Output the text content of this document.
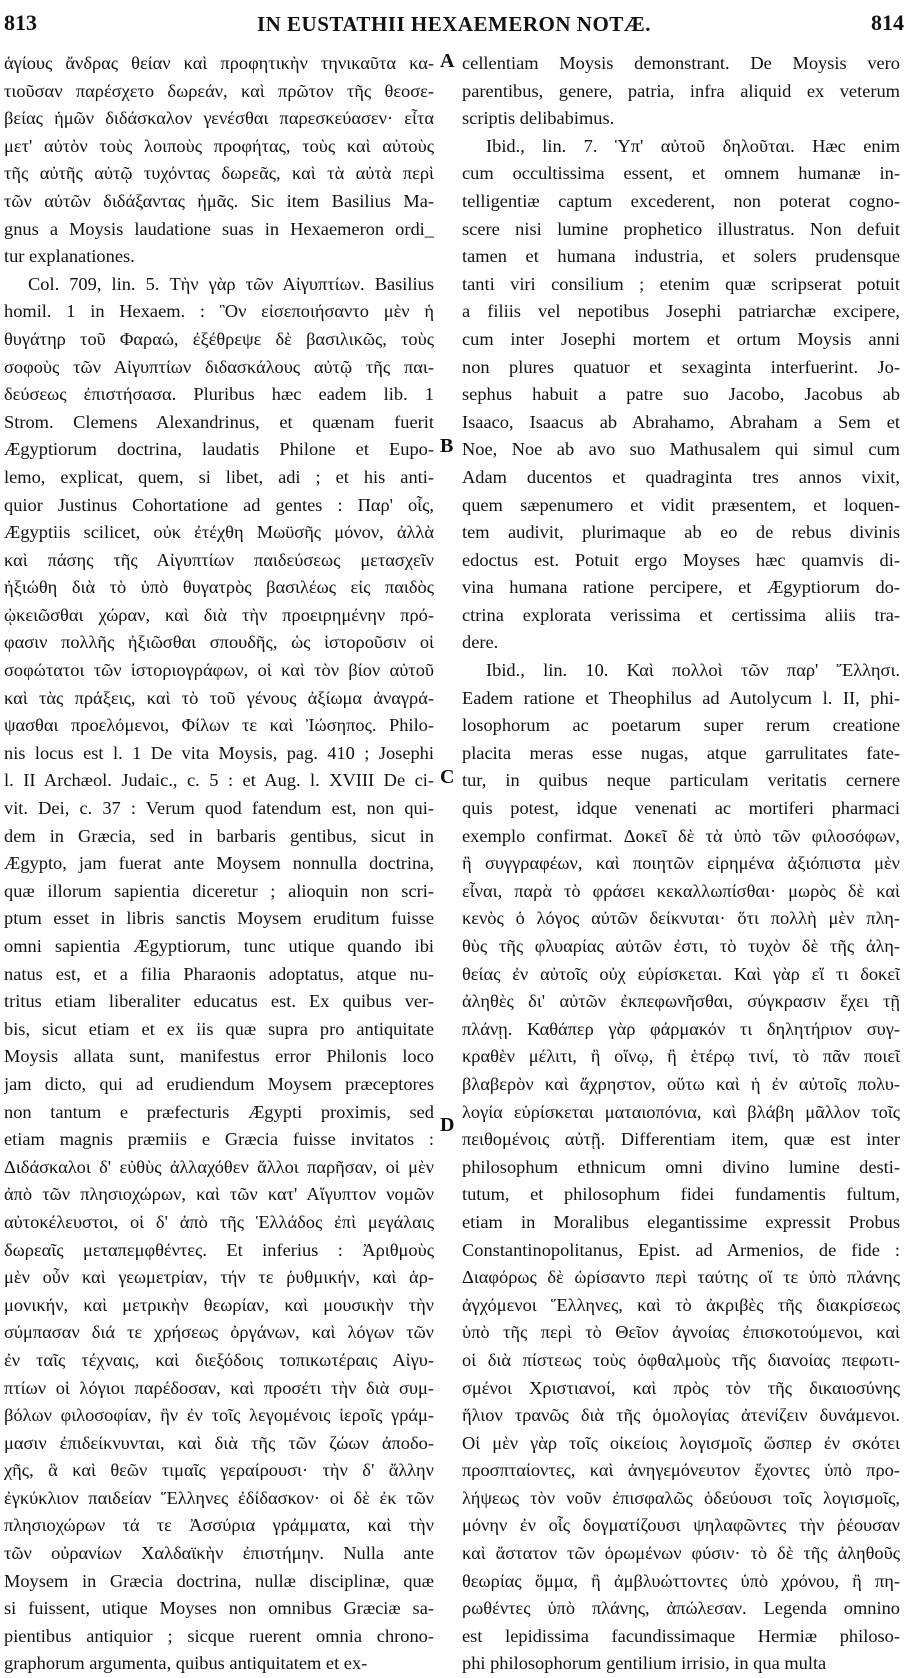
813	IN EUSTATHII HEXAEMERON NOTÆ.	814
ἁγίους ἄνδρας θείαν καὶ προφητικὴν τηνικαῦτα κα-
τιοῦσαν παρέσχετο δωρεάν, καὶ πρῶτον τῆς θεοσε-
βείας ἡμῶν διδάσκαλον γενέσθαι παρεσκεύασεν· εἶτα
μετ' αὐτὸν τοὺς λοιποὺς προφήτας, τοὺς καὶ αὐτοὺς
τῆς αὐτῆς αὐτῷ τυχόντας δωρεᾶς, καὶ τὰ αὐτὰ περὶ
τῶν αὐτῶν διδάξαντας ἡμᾶς. Sic item Basilius Ma-
gnus a Moysis laudatione suas in Hexaemeron ordi_
tur explanationes.
Col. 709, lin. 5. Τὴν γὰρ τῶν Αἰγυπτίων. Basilius
homil. 1 in Hexaem. : Ὃν εἰσεποιήσαντο μὲν ἡ
θυγάτηρ τοῦ Φαραώ, ἐξέθρεψε δὲ βασιλικῶς, τοὺς
σοφοὺς τῶν Αἰγυπτίων διδασκάλους αὐτῷ τῆς παι-
δεύσεως ἐπιστήσασα. Pluribus hæc eadem lib. 1
Strom. Clemens Alexandrinus, et quænam fuerit
Ægyptiorum doctrina, laudatis Philone et Eupo-
lemo, explicat, quem, si libet, adi ; et his anti-
quior Justinus Cohortatione ad gentes : Παρ' οἷς,
Ægyptiis scilicet, οὐκ ἐτέχθη Μωϋσῆς μόνον, ἀλλὰ
καὶ πάσης τῆς Αἰγυπτίων παιδεύσεως μετασχεῖν
ἠξιώθη διὰ τὸ ὑπὸ θυγατρὸς βασιλέως εἰς παιδὸς
ᾠκειῶσθαι χώραν, καὶ διὰ τὴν προειρημένην πρό-
φασιν πολλῆς ἠξιῶσθαι σπουδῆς, ὡς ἱστοροῦσιν οἱ
σοφώτατοι τῶν ἱστοριογράφων, οἱ καὶ τὸν βίον αὐτοῦ
καὶ τὰς πράξεις, καὶ τὸ τοῦ γένους ἀξίωμα ἀναγρά-
ψασθαι προελόμενοι, Φίλων τε καὶ Ἰώσηπος. Philo-
nis locus est l. 1 De vita Moysis, pag. 410 ; Josephi
l. II Archæol. Judaic., c. 5 : et Aug. l. XVIII De ci-
vit. Dei, c. 37 : Verum quod fatendum est, non qui-
dem in Græcia, sed in barbaris gentibus, sicut in
Ægypto, jam fuerat ante Moysem nonnulla doctrina,
quæ illorum sapientia diceretur ; alioquin non scri-
ptum esset in libris sanctis Moysem eruditum fuisse
omni sapientia Ægyptiorum, tunc utique quando ibi
natus est, et a filia Pharaonis adoptatus, atque nu-
tritus etiam liberaliter educatus est. Ex quibus ver-
bis, sicut etiam et ex iis quæ supra pro antiquitate
Moysis allata sunt, manifestus error Philonis loco
jam dicto, qui ad erudiendum Moysem præceptores
non tantum e præfecturis Ægypti proximis, sed
etiam magnis præmiis e Græcia fuisse invitatos :
Διδάσκαλοι δ' εὐθὺς ἀλλαχόθεν ἄλλοι παρῆσαν, οἱ μὲν
ἀπὸ τῶν πλησιοχώρων, καὶ τῶν κατ' Αἴγυπτον νομῶν
αὐτοκέλευστοι, οἱ δ' ἀπὸ τῆς Ἑλλάδος ἐπὶ μεγάλαις
δωρεαῖς μεταπεμφθέντες. Et inferius : Ἀριθμοὺς
μὲν οὖν καὶ γεωμετρίαν, τήν τε ῥυθμικήν, καὶ ἁρ-
μονικήν, καὶ μετρικὴν θεωρίαν, καὶ μουσικὴν τὴν
σύμπασαν διά τε χρήσεως ὀργάνων, καὶ λόγων τῶν
ἐν ταῖς τέχναις, καὶ διεξόδοις τοπικωτέραις Αἰγυ-
πτίων οἱ λόγιοι παρέδοσαν, καὶ προσέτι τὴν διὰ συμ-
βόλων φιλοσοφίαν, ἣν ἐν τοῖς λεγομένοις ἱεροῖς γράμ-
μασιν ἐπιδείκνυνται, καὶ διὰ τῆς τῶν ζώων ἀποδο-
χῆς, ἃ καὶ θεῶν τιμαῖς γεραίρουσι· τὴν δ' ἄλλην
ἐγκύκλιον παιδείαν Ἕλληνες ἐδίδασκον· οἱ δὲ ἐκ τῶν
πλησιοχώρων τά τε Ἀσσύρια γράμματα, καὶ τὴν
τῶν οὐρανίων Χαλδαϊκὴν ἐπιστήμην. Nulla ante
Moysem in Græcia doctrina, nullæ disciplinæ, quæ
si fuissent, utique Moyses non omnibus Græciæ sa-
pientibus antiquior ; sicque ruerent omnia chrono-
graphorum argumenta, quibus antiquitatem et ex-
cellentiam Moysis demonstrant. De Moysis vero
parentibus, genere, patria, infra aliquid ex veterum
scriptis delibabimus.
Ibid., lin. 7. Ὑπ' αὐτοῦ δηλοῦται. Hæc enim
cum occultissima essent, et omnem humanæ in-
telligentiæ captum excederent, non poterat cogno-
scere nisi lumine prophetico illustratus. Non defuit
tamen et humana industria, et solers prudensque
tanti viri consilium ; etenim quæ scripserat potuit
a filiis vel nepotibus Josephi patriarchæ excipere,
cum inter Josephi mortem et ortum Moysis anni
non plures quatuor et sexaginta interfuerint. Jo-
sephus habuit a patre suo Jacobo, Jacobus ab
Isaaco, Isaacus ab Abrahamo, Abraham a Sem et
Noe, Noe ab avo suo Mathusalem qui simul cum
Adam ducentos et quadraginta tres annos vixit,
quem sæpenumero et vidit præsentem, et loquen-
tem audivit, plurimaque ab eo de rebus divinis
edoctus est. Potuit ergo Moyses hæc quamvis di-
vina humana ratione percipere, et Ægyptiorum do-
ctrina explorata verissima et certissima aliis tra-
dere.
Ibid., lin. 10. Καὶ πολλοὶ τῶν παρ' Ἕλλησι.
Eadem ratione et Theophilus ad Autolycum l. II, phi-
losophorum ac poetarum super rerum creatione
placita meras esse nugas, atque garrulitates fate-
tur, in quibus neque particulam veritatis cernere
quis potest, idque venenati ac mortiferi pharmaci
exemplo confirmat. Δοκεῖ δὲ τὰ ὑπὸ τῶν φιλοσόφων,
ἢ συγγραφέων, καὶ ποιητῶν εἰρημένα ἀξιόπιστα μὲν
εἶναι, παρὰ τὸ φράσει κεκαλλωπίσθαι· μωρὸς δὲ καὶ
κενὸς ὁ λόγος αὐτῶν δείκνυται· ὅτι πολλὴ μὲν πλη-
θὺς τῆς φλυαρίας αὐτῶν ἐστι, τὸ τυχὸν δὲ τῆς ἀλη-
θείας ἐν αὐτοῖς οὐχ εὑρίσκεται. Καὶ γὰρ εἴ τι δοκεῖ
ἀληθὲς δι' αὐτῶν ἐκπεφωνῆσθαι, σύγκρασιν ἔχει τῇ
πλάνῃ. Καθάπερ γὰρ φάρμακόν τι δηλητήριον συγ-
κραθὲν μέλιτι, ἢ οἴνῳ, ἢ ἑτέρῳ τινί, τὸ πᾶν ποιεῖ
βλαβερὸν καὶ ἄχρηστον, οὕτω καὶ ἡ ἐν αὐτοῖς πολυ-
λογία εὑρίσκεται ματαιοπόνια, καὶ βλάβη μᾶλλον τοῖς
πειθομένοις αὐτῇ. Differentiam item, quæ est inter
philosophum ethnicum omni divino lumine desti-
tutum, et philosophum fidei fundamentis fultum,
etiam in Moralibus elegantissime expressit Probus
Constantinopolitanus, Epist. ad Armenios, de fide :
Διαφόρως δὲ ὡρίσαντο περὶ ταύτης οἵ τε ὑπὸ πλάνης
ἀγχόμενοι Ἕλληνες, καὶ τὸ ἀκριβὲς τῆς διακρίσεως
ὑπὸ τῆς περὶ τὸ Θεῖον ἀγνοίας ἐπισκοτούμενοι, καὶ
οἱ διὰ πίστεως τοὺς ὀφθαλμοὺς τῆς διανοίας πεφωτι-
σμένοι Χριστιανοί, καὶ πρὸς τὸν τῆς δικαιοσύνης
ἥλιον τρανῶς διὰ τῆς ὁμολογίας ἀτενίζειν δυνάμενοι.
Οἱ μὲν γὰρ τοῖς οἰκείοις λογισμοῖς ὥσπερ ἐν σκότει
προσπταίοντες, καὶ ἀνηγεμόνευτον ἔχοντες ὑπὸ προ-
λήψεως τὸν νοῦν ἐπισφαλῶς ὁδεύουσι τοῖς λογισμοῖς,
μόνην ἐν οἷς δογματίζουσι ψηλαφῶντες τὴν ῥέουσαν
καὶ ἄστατον τῶν ὁρωμένων φύσιν· τὸ δὲ τῆς ἀληθοῦς
θεωρίας ὄμμα, ἢ ἀμβλυώττοντες ὑπὸ χρόνου, ἢ πη-
ρωθέντες ὑπὸ πλάνης, ἀπώλεσαν. Legenda omnino
est lepidissima facundissimaque Hermiæ philoso-
phi philosophorum gentilium irrisio, in qua multa
A
B
C
D
